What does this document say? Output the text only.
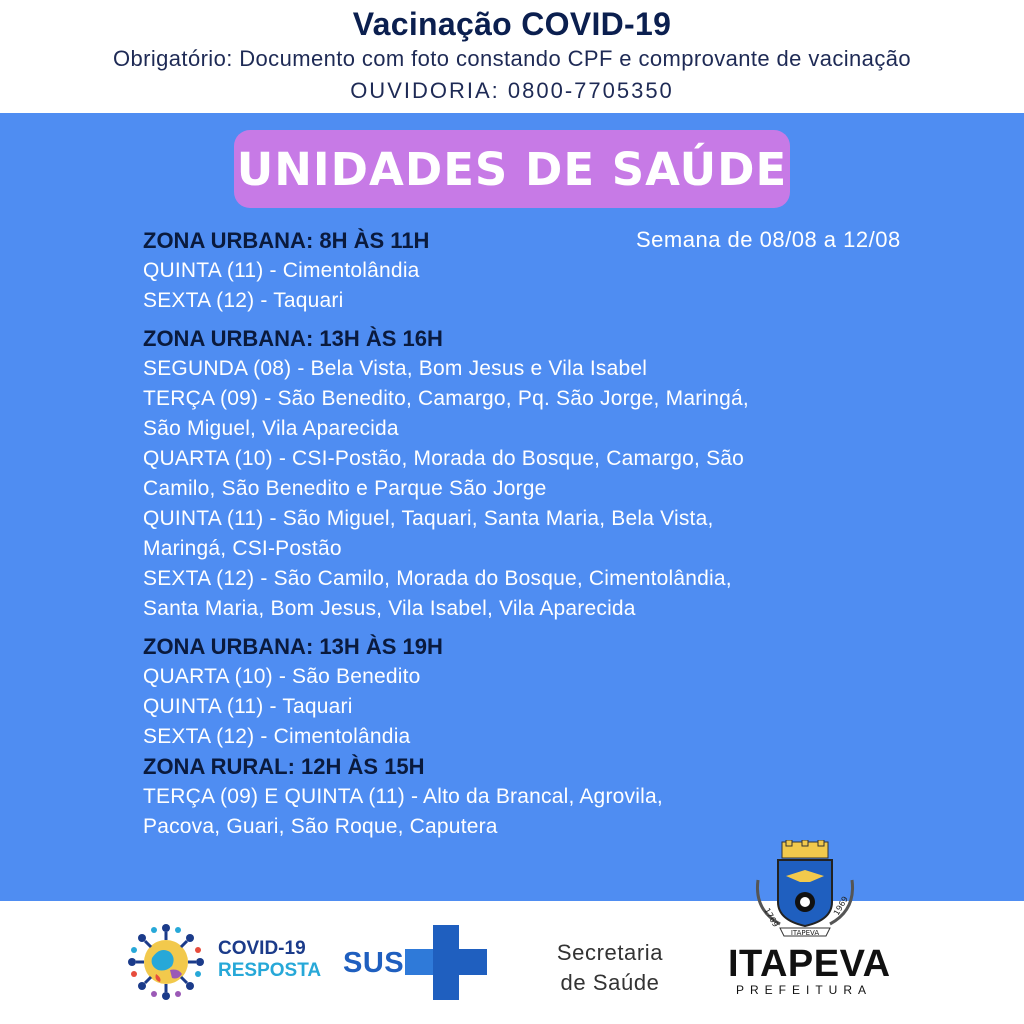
Vacinação COVID-19
Obrigatório: Documento com foto constando CPF e comprovante de vacinação
OUVIDORIA: 0800-7705350
UNIDADES DE SAÚDE
Semana de 08/08 a 12/08
ZONA URBANA: 8H ÀS 11H
QUINTA (11) - Cimentolândia
SEXTA (12) - Taquari
ZONA URBANA: 13H ÀS 16H
SEGUNDA (08) - Bela Vista, Bom Jesus e Vila Isabel
TERÇA (09) - São Benedito, Camargo, Pq. São Jorge, Maringá,
São Miguel, Vila Aparecida
QUARTA (10) - CSI-Postão, Morada do Bosque, Camargo, São
Camilo, São Benedito e Parque São Jorge
QUINTA (11) - São Miguel, Taquari, Santa Maria, Bela Vista,
Maringá, CSI-Postão
SEXTA (12) - São Camilo, Morada do Bosque, Cimentolândia,
Santa Maria, Bom Jesus, Vila Isabel, Vila Aparecida
ZONA URBANA: 13H ÀS 19H
QUARTA (10) - São Benedito
QUINTA (11) - Taquari
SEXTA (12) - Cimentolândia
ZONA RURAL: 12H ÀS 15H
TERÇA (09) E QUINTA (11) - Alto da Brancal, Agrovila,
Pacova, Guari, São Roque, Caputera
COVID-19
RESPOSTA SUS	Secretaria
de Saúde
1769
1969
ITAPEVA
ITAPEVA
PREFEITURA
